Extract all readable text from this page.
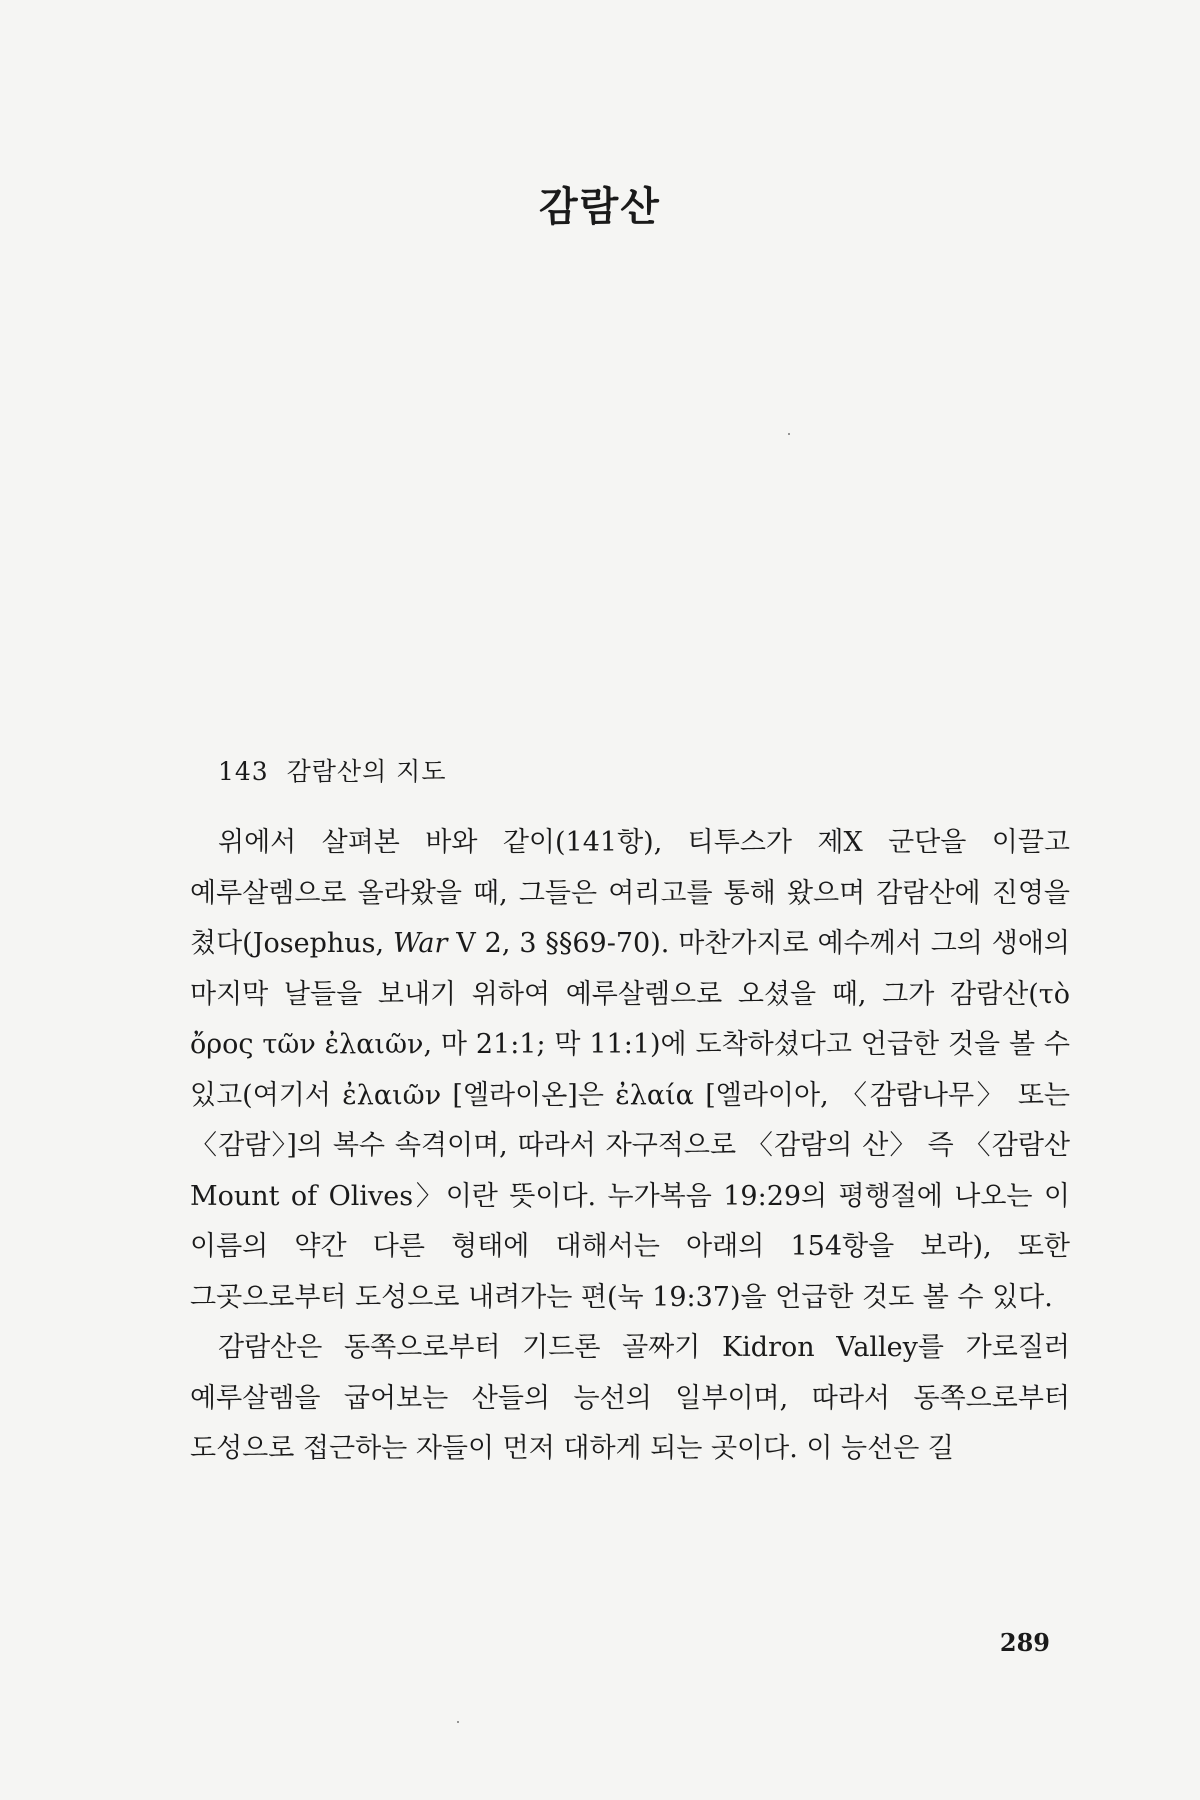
감람산
143 감람산의 지도

위에서 살펴본 바와 같이(141항), 티투스가 제X 군단을 이끌고 예루살렘으로 올라왔을 때, 그들은 여리고를 통해 왔으며 감람산에 진영을 쳤다(Josephus, War V 2, 3 §§69-70). 마찬가지로 예수께서 그의 생애의 마지막 날들을 보내기 위하여 예루살렘으로 오셨을 때, 그가 감람산(τὸ ὄρος τῶν ἐλαιῶν, 마 21:1; 막 11:1)에 도착하셨다고 언급한 것을 볼 수 있고(여기서 ἐλαιῶν [엘라이온]은 ἐλαία [엘라이아, 〈감람나무〉 또는 〈감람〉]의 복수 속격이며, 따라서 자구적으로 〈감람의 산〉 즉 〈감람산 Mount of Olives〉이란 뜻이다. 누가복음 19:29의 평행절에 나오는 이 이름의 약간 다른 형태에 대해서는 아래의 154항을 보라), 또한 그곳으로부터 도성으로 내려가는 편(눅 19:37)을 언급한 것도 볼 수 있다.

감람산은 동쪽으로부터 기드론 골짜기 Kidron Valley를 가로질러 예루살렘을 굽어보는 산들의 능선의 일부이며, 따라서 동쪽으로부터 도성으로 접근하는 자들이 먼저 대하게 되는 곳이다. 이 능선은 길

289
